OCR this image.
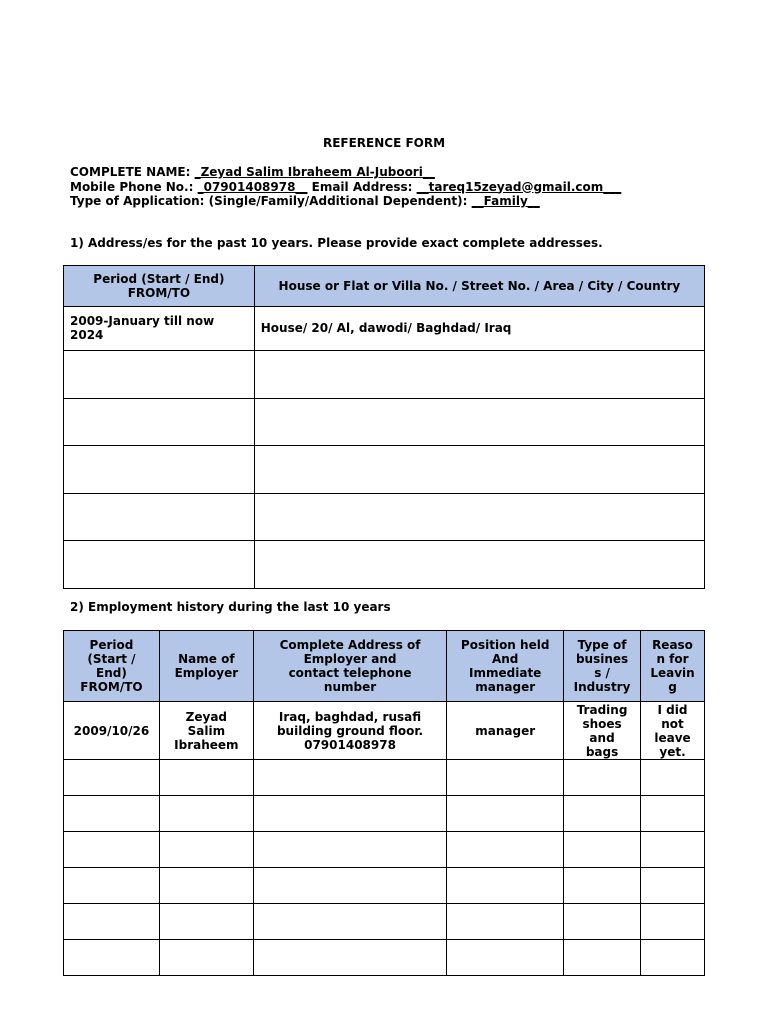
REFERENCE FORM
COMPLETE NAME: _Zeyad Salim Ibraheem Al-Juboori__
Mobile Phone No.: _07901408978__ Email Address: __tareq15zeyad@gmail.com___
Type of Application: (Single/Family/Additional Dependent): __Family__
1) Address/es for the past 10 years. Please provide exact complete addresses.
Period (Start / End) FROM/TO	House or Flat or Villa No. / Street No. / Area / City / Country
2009-January till now 2024	House/ 20/ Al, dawodi/ Baghdad/ Iraq

2) Employment history during the last 10 years
Period
(Start /
End)
FROM/TO	Name of
Employer	Complete Address of
Employer and
contact telephone
number	Position held
And
Immediate
manager	Type of
busines
s /
Industry	Reaso
n for
Leavin
g
2009/10/26	Zeyad
Salim
Ibraheem	Iraq, baghdad, rusafi
building ground floor.
07901408978	manager	Trading
shoes
and
bags	I did
not
leave
yet.
